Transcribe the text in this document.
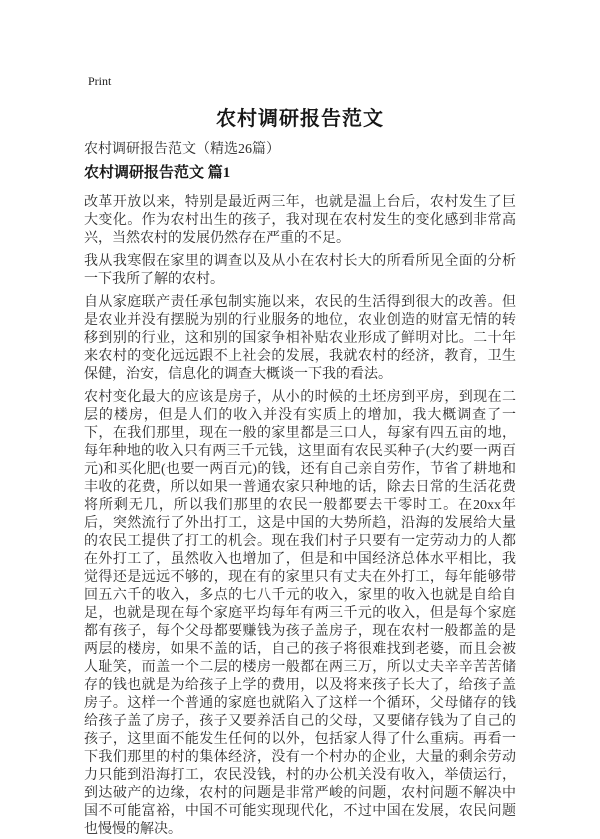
Print
农村调研报告范文
农村调研报告范文（精选26篇）
农村调研报告范文 篇1

改革开放以来，特别是最近两三年，也就是温上台后，农村发生了巨大变化。作为农村出生的孩子，我对现在农村发生的变化感到非常高兴，当然农村的发展仍然存在严重的不足。

我从我寒假在家里的调查以及从小在农村长大的所看所见全面的分析一下我所了解的农村。

自从家庭联产责任承包制实施以来，农民的生活得到很大的改善。但是农业并没有摆脱为别的行业服务的地位，农业创造的财富无情的转移到别的行业，这和别的国家争相补贴农业形成了鲜明对比。二十年来农村的变化远远跟不上社会的发展，我就农村的经济，教育，卫生保健，治安，信息化的调查大概谈一下我的看法。

农村变化最大的应该是房子，从小的时候的土坯房到平房，到现在二层的楼房，但是人们的收入并没有实质上的增加，我大概调查了一下，在我们那里，现在一般的家里都是三口人，每家有四五亩的地，每年种地的收入只有两三千元钱，这里面有农民买种子(大约要一两百元)和买化肥(也要一两百元)的钱，还有自己亲自劳作，节省了耕地和丰收的花费，所以如果一普通农家只种地的话，除去日常的生活花费将所剩无几，所以我们那里的农民一般都要去干零时工。在20xx年后，突然流行了外出打工，这是中国的大势所趋，沿海的发展给大量的农民工提供了打工的机会。现在我们村子只要有一定劳动力的人都在外打工了，虽然收入也增加了，但是和中国经济总体水平相比，我觉得还是远远不够的，现在有的家里只有丈夫在外打工，每年能够带回五六千的收入，多点的七八千元的收入，家里的收入也就是自给自足，也就是现在每个家庭平均每年有两三千元的收入，但是每个家庭都有孩子，每个父母都要赚钱为孩子盖房子，现在农村一般都盖的是两层的楼房，如果不盖的话，自己的孩子将很难找到老婆，而且会被人耻笑，而盖一个二层的楼房一般都在两三万，所以丈夫辛辛苦苦储存的钱也就是为给孩子上学的费用，以及将来孩子长大了，给孩子盖房子。这样一个普通的家庭也就陷入了这样一个循环，父母储存的钱给孩子盖了房子，孩子又要养活自己的父母，又要储存钱为了自己的孩子，这里面不能发生任何的以外，包括家人得了什么重病。再看一下我们那里的村的集体经济，没有一个村办的企业，大量的剩余劳动力只能到沿海打工，农民没钱，村的办公机关没有收入，举债运行，到达破产的边缘，农村的问题是非常严峻的问题，农村问题不解决中国不可能富裕，中国不可能实现现代化，不过中国在发展，农民问题也慢慢的解决。
